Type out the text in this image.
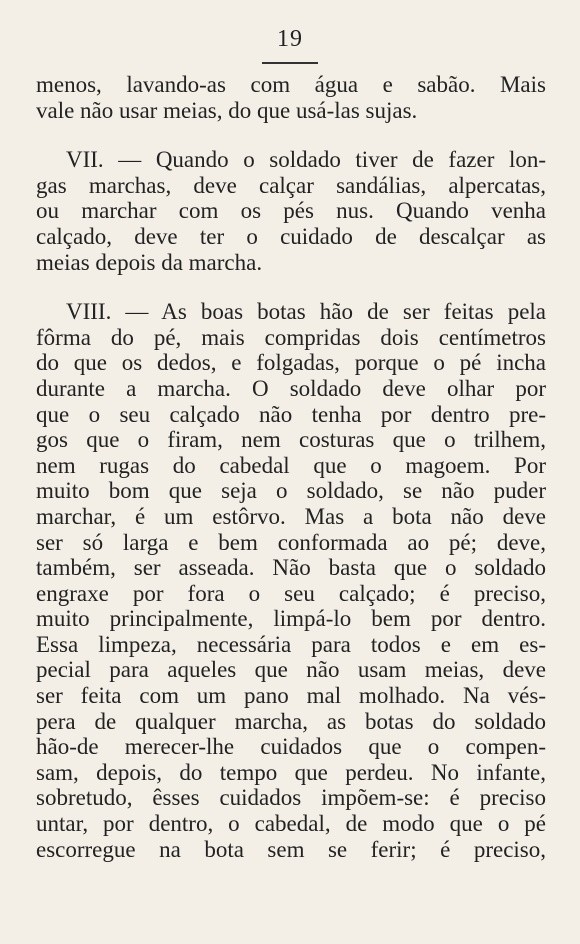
19
menos, lavando-as com água e sabão. Mais
vale não usar meias, do que usá-las sujas.
VII. — Quando o soldado tiver de fazer lon-
gas marchas, deve calçar sandálias, alpercatas,
ou marchar com os pés nus. Quando venha
calçado, deve ter o cuidado de descalçar as
meias depois da marcha.
VIII. — As boas botas hão de ser feitas pela
fôrma do pé, mais compridas dois centímetros
do que os dedos, e folgadas, porque o pé incha
durante a marcha. O soldado deve olhar por
que o seu calçado não tenha por dentro pre-
gos que o firam, nem costuras que o trilhem,
nem rugas do cabedal que o magoem. Por
muito bom que seja o soldado, se não puder
marchar, é um estôrvo. Mas a bota não deve
ser só larga e bem conformada ao pé; deve,
também, ser asseada. Não basta que o soldado
engraxe por fora o seu calçado; é preciso,
muito principalmente, limpá-lo bem por dentro.
Essa limpeza, necessária para todos e em es-
pecial para aqueles que não usam meias, deve
ser feita com um pano mal molhado. Na vés-
pera de qualquer marcha, as botas do soldado
hão-de merecer-lhe cuidados que o compen-
sam, depois, do tempo que perdeu. No infante,
sobretudo, êsses cuidados impõem-se: é preciso
untar, por dentro, o cabedal, de modo que o pé
escorregue na bota sem se ferir; é preciso,
